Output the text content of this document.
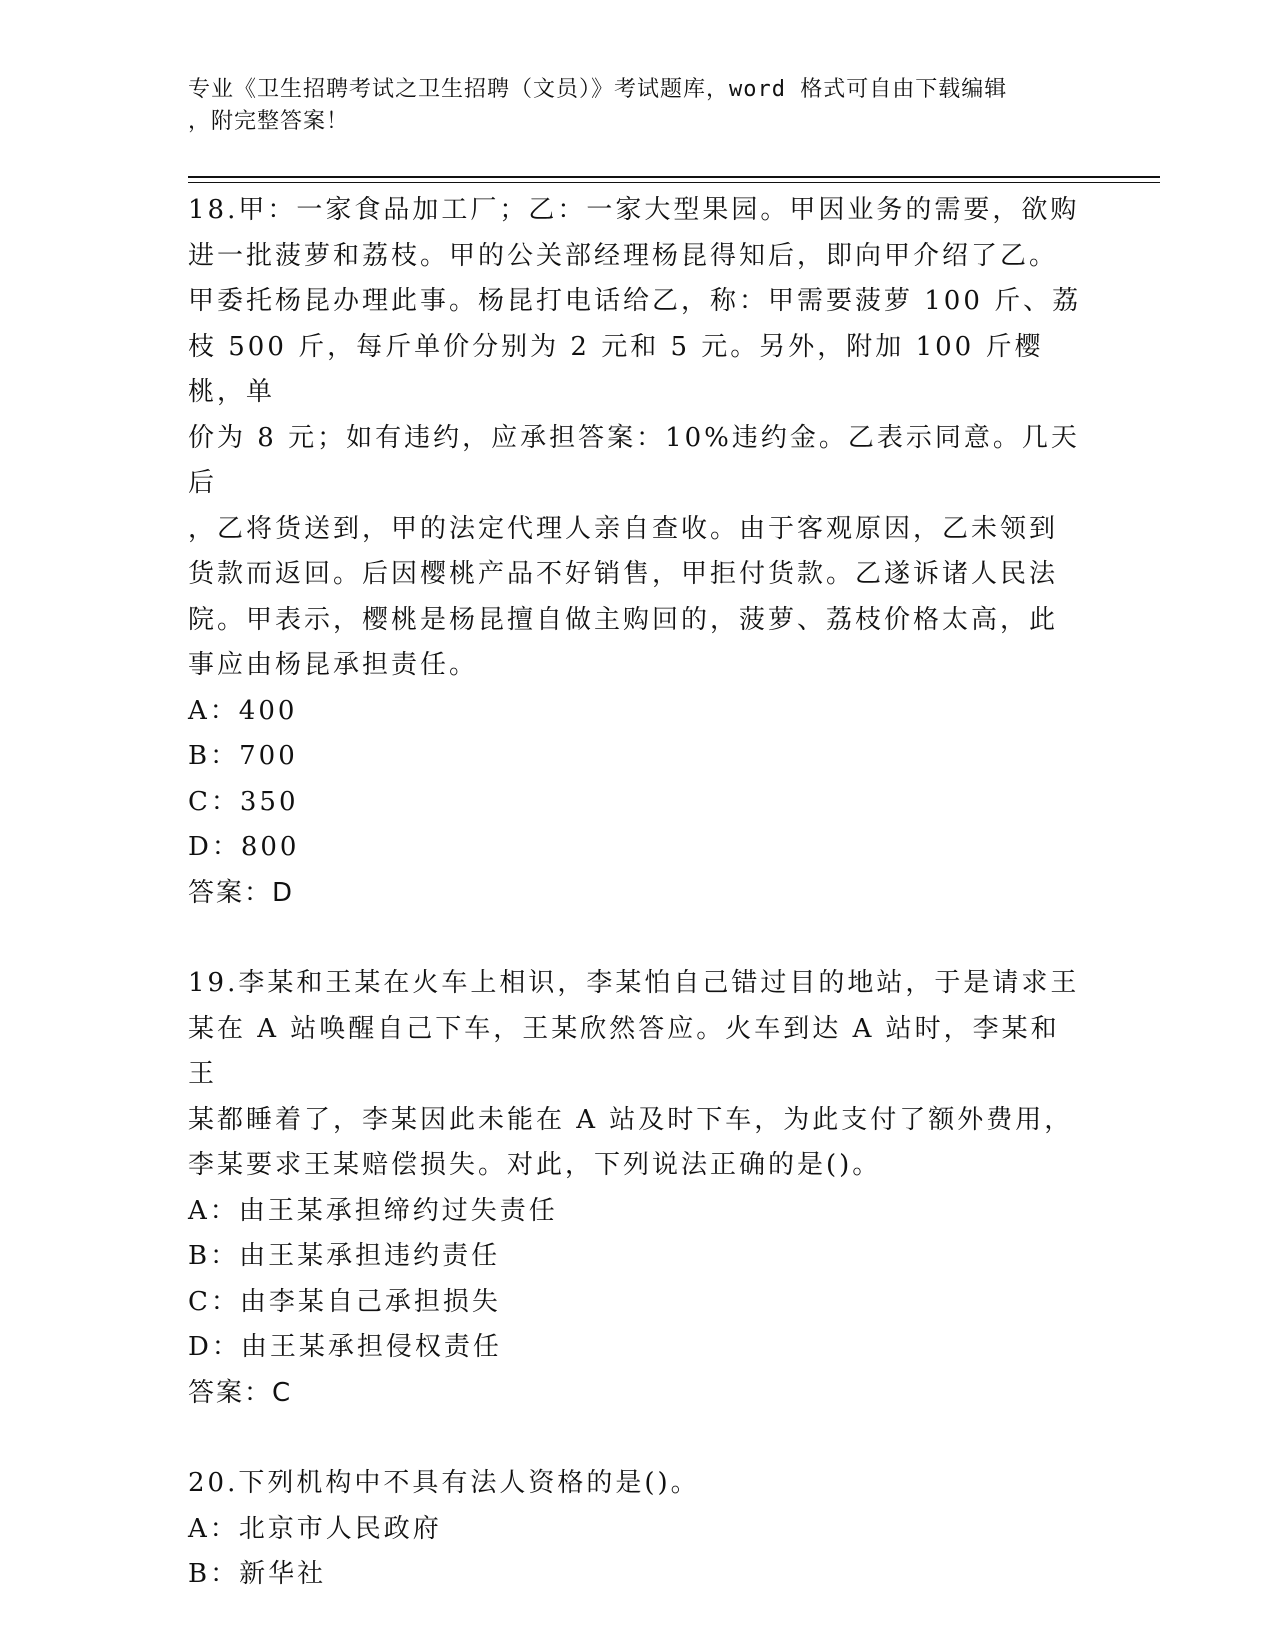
专业《卫生招聘考试之卫生招聘（文员）》考试题库，word 格式可自由下载编辑
，附完整答案！
18.甲：一家食品加工厂；乙：一家大型果园。甲因业务的需要，欲购
进一批菠萝和荔枝。甲的公关部经理杨昆得知后，即向甲介绍了乙。
甲委托杨昆办理此事。杨昆打电话给乙，称：甲需要菠萝 100 斤、荔
枝 500 斤，每斤单价分别为 2 元和 5 元。另外，附加 100 斤樱桃，单
价为 8 元；如有违约，应承担答案：10%违约金。乙表示同意。几天后
，乙将货送到，甲的法定代理人亲自查收。由于客观原因，乙未领到
货款而返回。后因樱桃产品不好销售，甲拒付货款。乙遂诉诸人民法
院。甲表示，樱桃是杨昆擅自做主购回的，菠萝、荔枝价格太高，此
事应由杨昆承担责任。
A：400
B：700
C：350
D：800
答案：D
19.李某和王某在火车上相识，李某怕自己错过目的地站，于是请求王
某在 A 站唤醒自己下车，王某欣然答应。火车到达 A 站时，李某和王
某都睡着了，李某因此未能在 A 站及时下车，为此支付了额外费用，
李某要求王某赔偿损失。对此，下列说法正确的是()。
A：由王某承担缔约过失责任
B：由王某承担违约责任
C：由李某自己承担损失
D：由王某承担侵权责任
答案：C
20.下列机构中不具有法人资格的是()。
A：北京市人民政府
B：新华社
